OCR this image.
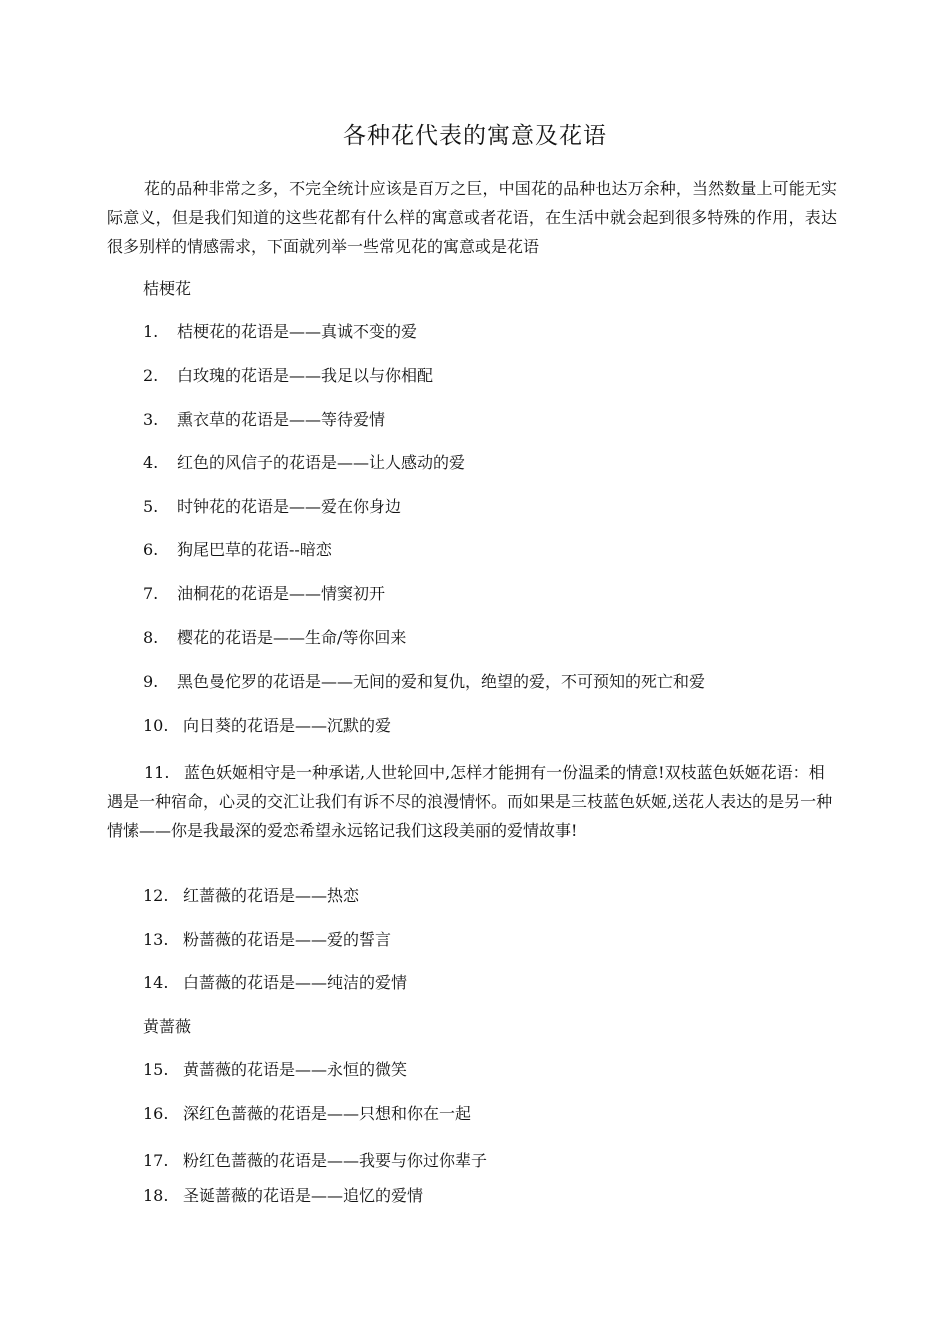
各种花代表的寓意及花语
花的品种非常之多，不完全统计应该是百万之巨，中国花的品种也达万余种，当然数量上可能无实际意义，但是我们知道的这些花都有什么样的寓意或者花语，在生活中就会起到很多特殊的作用，表达很多别样的情感需求，下面就列举一些常见花的寓意或是花语
桔梗花
1. 桔梗花的花语是——真诚不变的爱
2. 白玫瑰的花语是——我足以与你相配
3. 熏衣草的花语是——等待爱情
4. 红色的风信子的花语是——让人感动的爱
5. 时钟花的花语是——爱在你身边
6. 狗尾巴草的花语--暗恋
7. 油桐花的花语是——情窦初开
8. 樱花的花语是——生命/等你回来
9. 黑色曼佗罗的花语是——无间的爱和复仇，绝望的爱，不可预知的死亡和爱
10. 向日葵的花语是——沉默的爱
11. 蓝色妖姬相守是一种承诺,人世轮回中,怎样才能拥有一份温柔的情意!双枝蓝色妖姬花语：相遇是一种宿命，心灵的交汇让我们有诉不尽的浪漫情怀。而如果是三枝蓝色妖姬,送花人表达的是另一种情愫——你是我最深的爱恋希望永远铭记我们这段美丽的爱情故事!
12. 红蔷薇的花语是——热恋
13. 粉蔷薇的花语是——爱的誓言
14. 白蔷薇的花语是——纯洁的爱情
黄蔷薇
15. 黄蔷薇的花语是——永恒的微笑
16. 深红色蔷薇的花语是——只想和你在一起
17. 粉红色蔷薇的花语是——我要与你过你辈子
18. 圣诞蔷薇的花语是——追忆的爱情
